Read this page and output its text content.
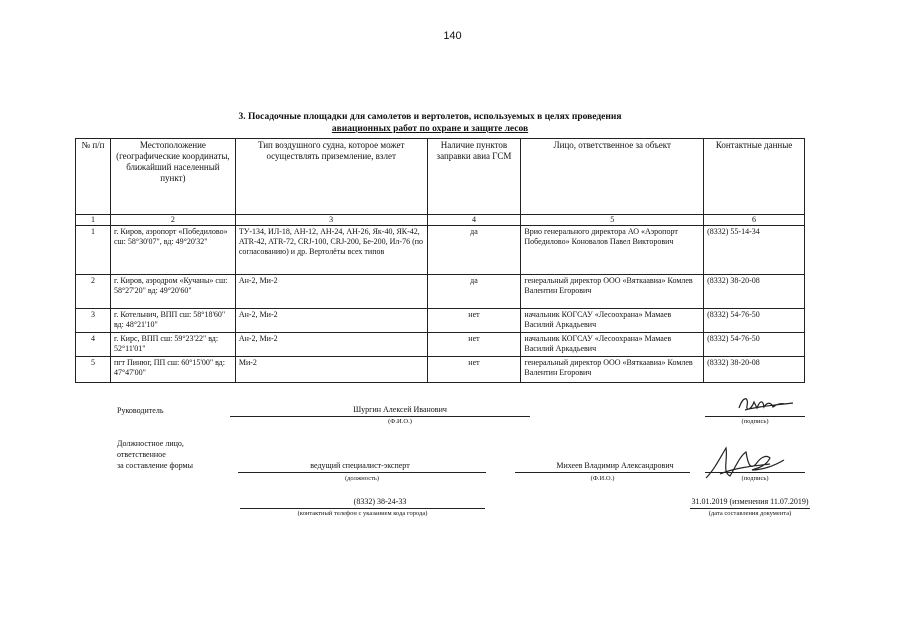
140
3. Посадочные площадки для самолетов и вертолетов, используемых в целях проведения
авиационных работ по охране и защите лесов
№ п/п	Местоположение (географические координаты, ближайший населенный пункт)	Тип воздушного судна, которое может осуществлять приземление, взлет	Наличие пунктов заправки авиа ГСМ	Лицо, ответственное за объект	Контактные данные
1	2	3	4	5	6
1	г. Киров, аэропорт «Победилово» сш: 58°30'07", вд: 49°20'32"	ТУ-134, ИЛ-18, АН-12, АН-24, АН-26, Як-40, ЯК-42, ATR-42, ATR-72, CRJ-100, CRJ-200, Бе-200, Ил-76 (по согласованию) и др. Вертолёты всех типов	да	Врио генерального директора АО «Аэропорт Победилово» Коновалов Павел Викторович	(8332) 55-14-34
2	г. Киров, аэродром «Кучаны» сш: 58°27'20" вд: 49°20'60"	Ан-2, Ми-2	да	генеральный директор ООО «Вяткаавиа» Комлев Валентин Егорович	(8332) 38-20-08
3	г. Котельнич, ВПП сш: 58°18'60" вд: 48°21'10"	Ан-2, Ми-2	нет	начальник КОГСАУ «Лесоохрана» Мамаев Василий Аркадьевич	(8332) 54-76-50
4	г. Кирс, ВПП сш: 59°23'22" вд: 52°11'01"	Ан-2, Ми-2	нет	начальник КОГСАУ «Лесоохрана» Мамаев Василий Аркадьевич	(8332) 54-76-50
5	пгт Пинюг, ПП сш: 60°15'00" вд: 47°47'00"	Ми-2	нет	генеральный директор ООО «Вяткаавиа» Комлев Валентин Егорович	(8332) 38-20-08
Руководитель	Шургин Алексей Иванович
(Ф.И.О.)	(подпись)
Должностное лицо,
ответственное
за составление формы	ведущий специалист-эксперт
(должность)
Михеев Владимир Александрович
(Ф.И.О.)	(подпись)
(8332) 38-24-33
(контактный телефон с указанием кода города)
31.01.2019 (изменения 11.07.2019)
(дата составления документа)
